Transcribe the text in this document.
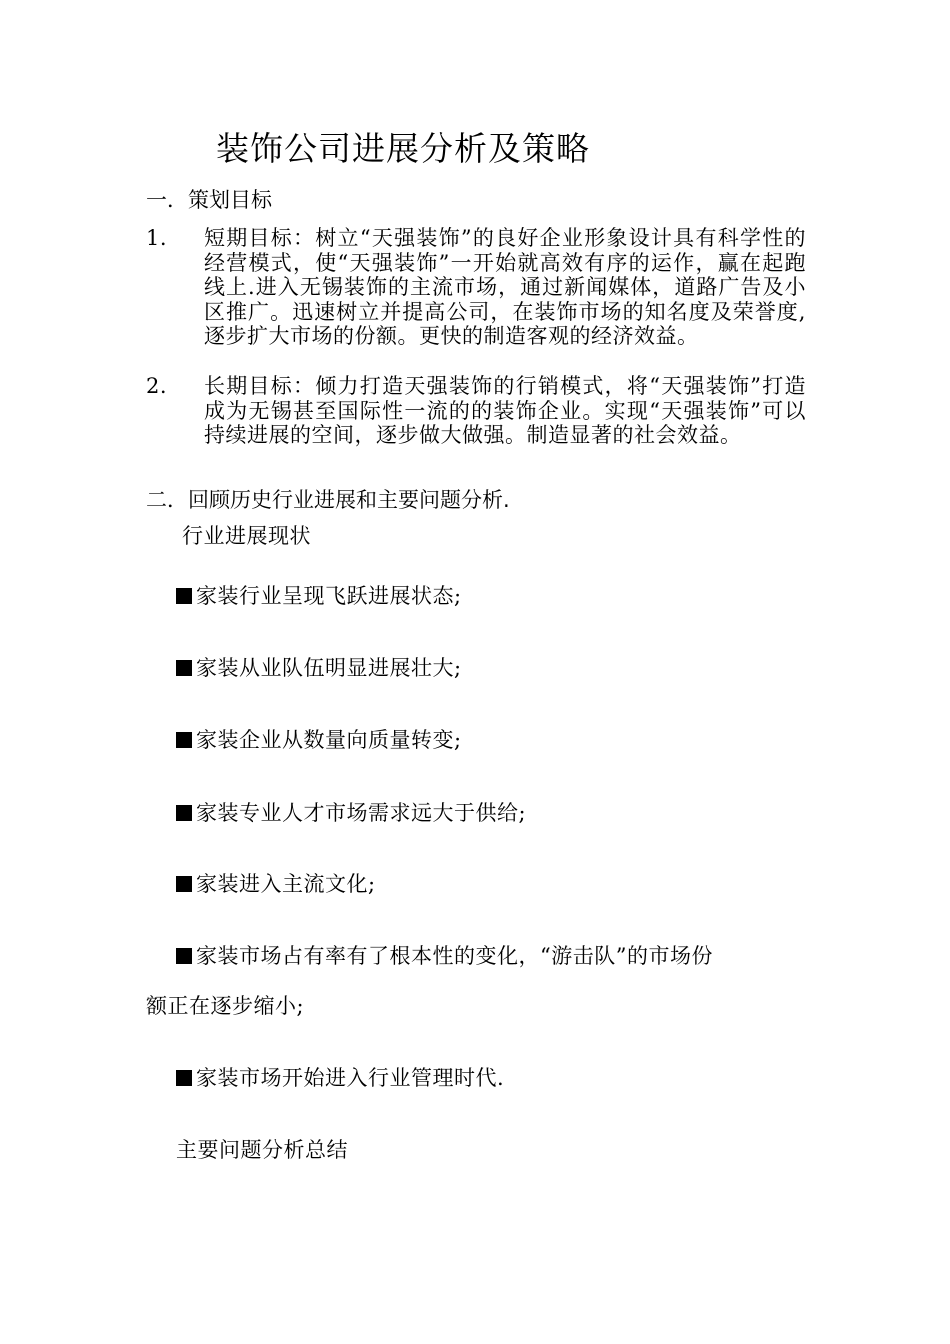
装饰公司进展分析及策略
一．策划目标
1.	短期目标：树立“天强装饰”的良好企业形象设计具有科学性的经营模式，使“天强装饰”一开始就高效有序的运作，赢在起跑线上.进入无锡装饰的主流市场，通过新闻媒体，道路广告及小区推广。迅速树立并提高公司，在装饰市场的知名度及荣誉度,逐步扩大市场的份额。更快的制造客观的经济效益。
2.	长期目标：倾力打造天强装饰的行销模式，将“天强装饰”打造成为无锡甚至国际性一流的的装饰企业。实现“天强装饰”可以持续进展的空间，逐步做大做强。制造显著的社会效益。
二．回顾历史行业进展和主要问题分析.
行业进展现状
家装行业呈现飞跃进展状态;
家装从业队伍明显进展壮大;
家装企业从数量向质量转变;
家装专业人才市场需求远大于供给;
家装进入主流文化;
家装市场占有率有了根本性的变化，“游击队”的市场份
额正在逐步缩小;
家装市场开始进入行业管理时代.
主要问题分析总结
